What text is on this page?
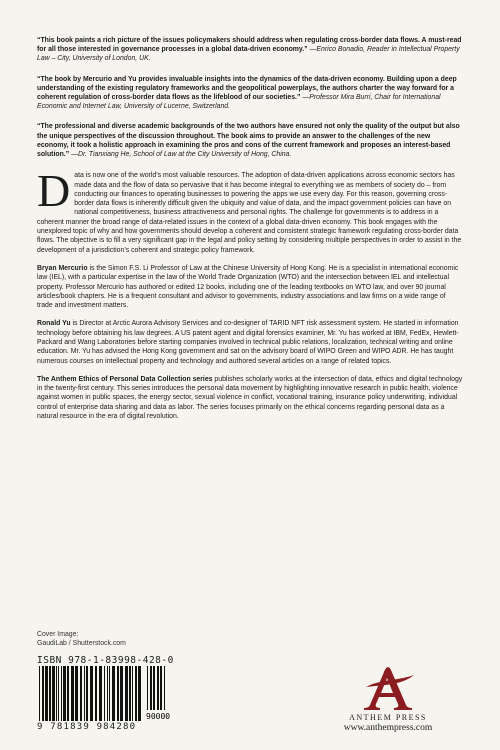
“This book paints a rich picture of the issues policymakers should address when regulating cross-border data flows. A must-read for all those interested in governance processes in a global data-driven economy.” —Enrico Bonadio, Reader in Intellectual Property Law – City, University of London, UK.

“The book by Mercurio and Yu provides invaluable insights into the dynamics of the data-driven economy. Building upon a deep understanding of the existing regulatory frameworks and the geopolitical powerplays, the authors charter the way forward for a coherent regulation of cross-border data flows as the lifeblood of our societies.” —Professor Mira Burri, Chair for International Economic and Internet Law, University of Lucerne, Switzerland.

“The professional and diverse academic backgrounds of the two authors have ensured not only the quality of the output but also the unique perspectives of the discussion throughout. The book aims to provide an answer to the challenges of the new economy, it took a holistic approach in examining the pros and cons of the current framework and proposes an interest-based solution.” —Dr. Tianxiang He, School of Law at the City University of Hong, China.

Data is now one of the world’s most valuable resources. The adoption of data-driven applications across economic sectors has made data and the flow of data so pervasive that it has become integral to everything we as members of society do – from conducting our finances to operating businesses to powering the apps we use every day. For this reason, governing cross-border data flows is inherently difficult given the ubiquity and value of data, and the impact government policies can have on national competitiveness, business attractiveness and personal rights. The challenge for governments is to address in a coherent manner the broad range of data-related issues in the context of a global data-driven economy. This book engages with the unexplored topic of why and how governments should develop a coherent and consistent strategic framework regulating cross-border data flows. The objective is to fill a very significant gap in the legal and policy setting by considering multiple perspectives in order to assist in the development of a jurisdiction’s coherent and strategic policy framework.

Bryan Mercurio is the Simon F.S. Li Professor of Law at the Chinese University of Hong Kong. He is a specialist in international economic law (IEL), with a particular expertise in the law of the World Trade Organization (WTO) and the intersection between IEL and intellectual property. Professor Mercurio has authored or edited 12 books, including one of the leading textbooks on WTO law, and over 90 journal articles/book chapters. He is a frequent consultant and advisor to governments, industry associations and law firms on a wide range of trade and investment matters.

Ronald Yu is Director at Arctic Aurora Advisory Services and co-designer of TARID NFT risk assessment system. He started in information technology before obtaining his law degrees. A US patent agent and digital forensics examiner, Mr. Yu has worked at IBM, FedEx, Hewlett-Packard and Wang Laboratories before starting companies involved in technical public relations, localization, technical writing and online education. Mr. Yu has advised the Hong Kong government and sat on the advisory board of WIPO Green and WIPO ADR. He has taught numerous courses on intellectual property and technology and authored several articles on a range of related topics.

The Anthem Ethics of Personal Data Collection series publishes scholarly works at the intersection of data, ethics and digital technology in the twenty-first century. This series introduces the personal data movement by highlighting innovative research in public health, violence against women in public spaces, the energy sector, sexual violence in conflict, vocational training, insurance policy underwriting, individual control of enterprise data sharing and data as labor. The series focuses primarily on the ethical concerns regarding personal data as a natural resource in the era of digital revolution.

Cover Image:
GaudiLab / Shutterstock.com
ISBN 978-1-83998-428-0
90000
9 781839 984280
ANTHEM PRESS
www.anthempress.com
